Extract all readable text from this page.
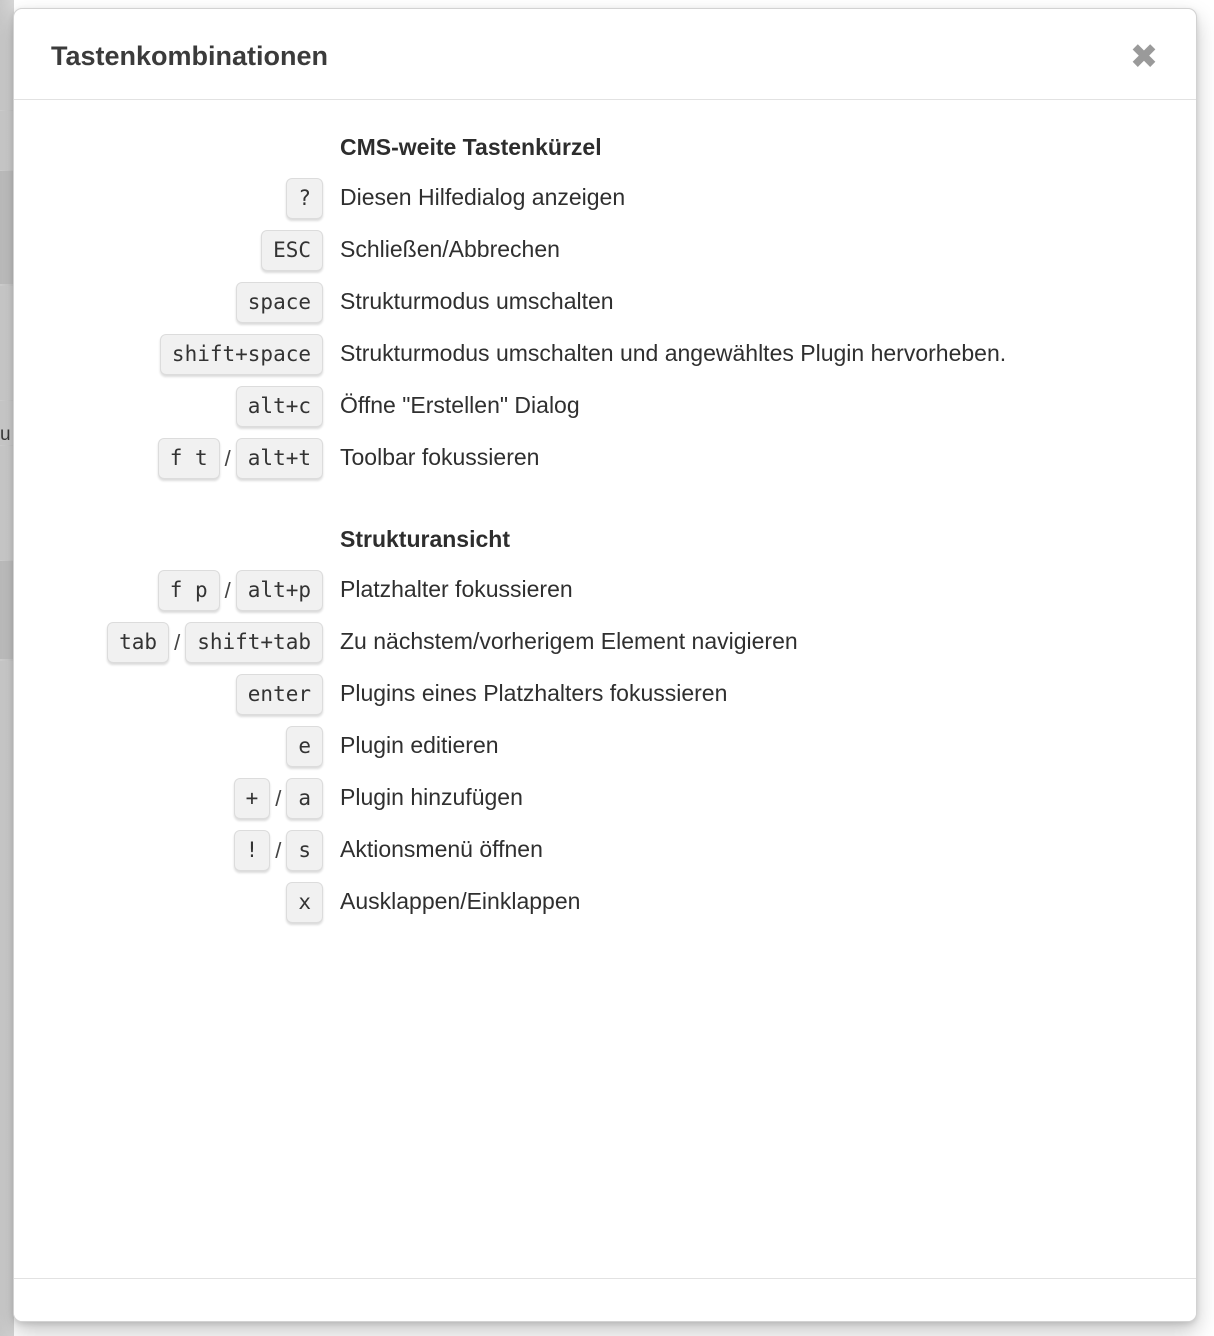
u
Tastenkombinationen	✖
CMS-weite Tastenkürzel
?	Diesen Hilfedialog anzeigen
ESC	Schließen/Abbrechen
space	Strukturmodus umschalten
shift+space	Strukturmodus umschalten und angewähltes Plugin hervorheben.
alt+c	Öffne "Erstellen" Dialog
f t / alt+t	Toolbar fokussieren
Strukturansicht
f p / alt+p	Platzhalter fokussieren
tab / shift+tab	Zu nächstem/vorherigem Element navigieren
enter	Plugins eines Platzhalters fokussieren
e	Plugin editieren
+ / a	Plugin hinzufügen
! / s	Aktionsmenü öffnen
x	Ausklappen/Einklappen
